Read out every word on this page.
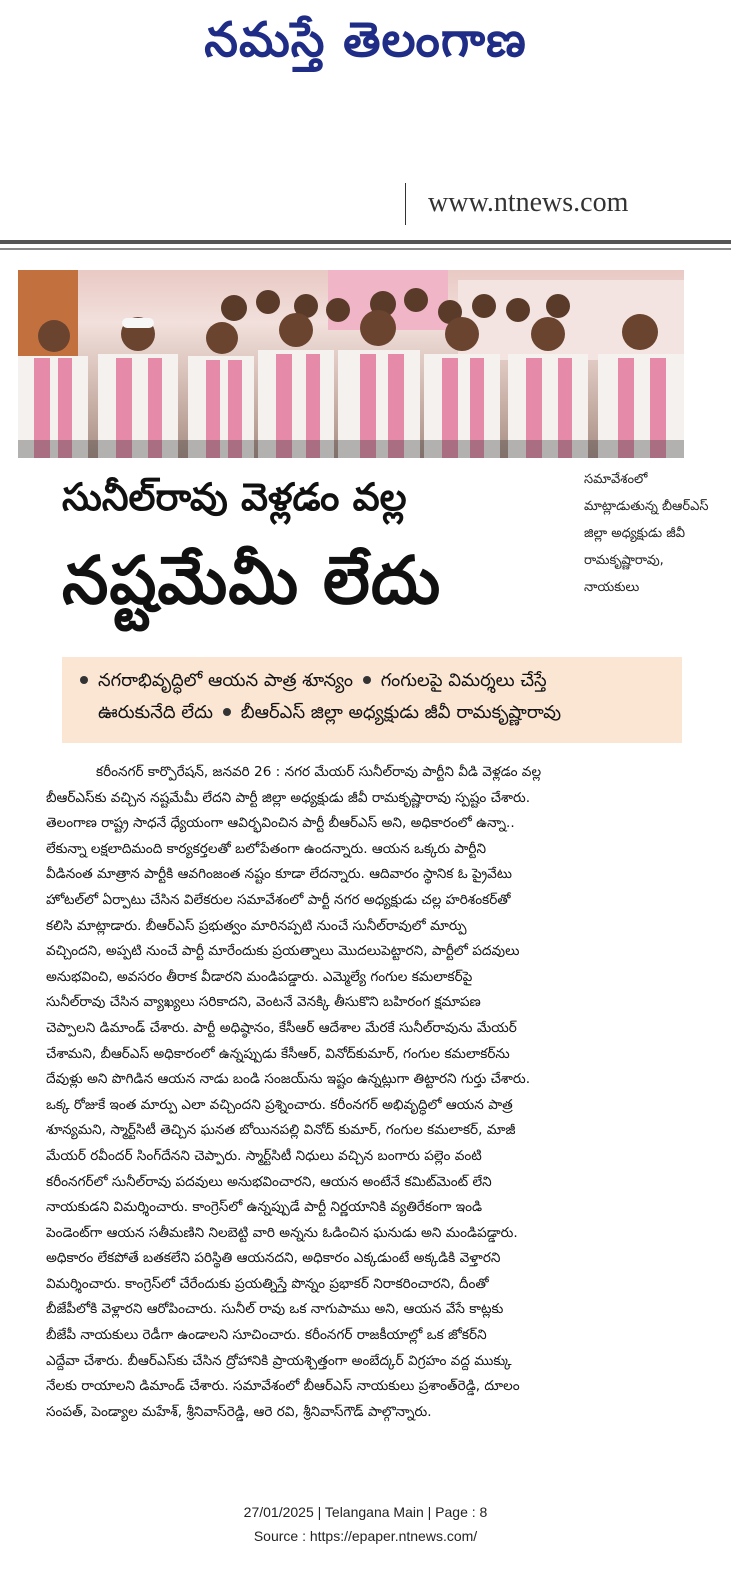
నమస్తే తెలంగాణ
www.ntnews.com
సునీల్‌రావు వెళ్లడం వల్ల
నష్టమేమీ లేదు
సమావేశంలో
మాట్లాడుతున్న బీఆర్‌ఎస్
జిల్లా అధ్యక్షుడు జీవీ
రామకృష్ణారావు,
నాయకులు
నగరాభివృద్ధిలో ఆయన పాత్ర శూన్యం గంగులపై విమర్శలు చేస్తే
ఊరుకునేది లేదు బీఆర్‌ఎస్ జిల్లా అధ్యక్షుడు జీవీ రామకృష్ణారావు
కరీంనగర్ కార్పొరేషన్, జనవరి 26 : నగర మేయర్ సునీల్‌రావు పార్టీని వీడి వెళ్లడం వల్ల
బీఆర్‌ఎస్‌కు వచ్చిన నష్టమేమీ లేదని పార్టీ జిల్లా అధ్యక్షుడు జీవీ రామకృష్ణారావు స్పష్టం చేశారు.
తెలంగాణ రాష్ట్ర సాధనే ధ్యేయంగా ఆవిర్భవించిన పార్టీ బీఆర్‌ఎస్ అని, అధికారంలో ఉన్నా..
లేకున్నా లక్షలాదిమంది కార్యకర్తలతో బలోపేతంగా ఉందన్నారు. ఆయన ఒక్కరు పార్టీని
వీడినంత మాత్రాన పార్టీకి ఆవగింజంత నష్టం కూడా లేదన్నారు. ఆదివారం స్థానిక ఓ ప్రైవేటు
హోటల్‌లో ఏర్పాటు చేసిన విలేకరుల సమావేశంలో పార్టీ నగర అధ్యక్షుడు చల్ల హరిశంకర్‌తో
కలిసి మాట్లాడారు. బీఆర్‌ఎస్ ప్రభుత్వం మారినప్పటి నుంచే సునీల్‌రావులో మార్పు
వచ్చిందని, అప్పటి నుంచే పార్టీ మారేందుకు ప్రయత్నాలు మొదలుపెట్టారని, పార్టీలో పదవులు
అనుభవించి, అవసరం తీరాక వీడారని మండిపడ్డారు. ఎమ్మెల్యే గంగుల కమలాకర్‌పై
సునీల్‌రావు చేసిన వ్యాఖ్యలు సరికాదని, వెంటనే వెనక్కి తీసుకొని బహిరంగ క్షమాపణ
చెప్పాలని డిమాండ్ చేశారు. పార్టీ అధిష్ఠానం, కేసీఆర్ ఆదేశాల మేరకే సునీల్‌రావును మేయర్
చేశామని, బీఆర్‌ఎస్ అధికారంలో ఉన్నప్పుడు కేసీఆర్, వినోద్‌కుమార్, గంగుల కమలాకర్‌ను
దేవుళ్లు అని పొగిడిన ఆయన నాడు బండి సంజయ్‌ను ఇష్టం ఉన్నట్లుగా తిట్టారని గుర్తు చేశారు.
ఒక్క రోజుకే ఇంత మార్పు ఎలా వచ్చిందని ప్రశ్నించారు. కరీంనగర్ అభివృద్ధిలో ఆయన పాత్ర
శూన్యమని, స్మార్ట్‌సిటీ తెచ్చిన ఘనత బోయినపల్లి వినోద్ కుమార్, గంగుల కమలాకర్, మాజీ
మేయర్ రవీందర్ సింగ్‌దేనని చెప్పారు. స్మార్ట్‌సిటీ నిధులు వచ్చిన బంగారు పల్లెం వంటి
కరీంనగర్‌లో సునీల్‌రావు పదవులు అనుభవించారని, ఆయన అంటేనే కమిట్‌మెంట్ లేని
నాయకుడని విమర్శించారు. కాంగ్రెస్‌లో ఉన్నప్పుడే పార్టీ నిర్ణయానికి వ్యతిరేకంగా ఇండి
పెండెంట్‌గా ఆయన సతీమణిని నిలబెట్టి వారి అన్నను ఓడించిన ఘనుడు అని మండిపడ్డారు.
అధికారం లేకపోతే బతకలేని పరిస్థితి ఆయనదని, అధికారం ఎక్కడుంటే అక్కడికి వెళ్తారని
విమర్శించారు. కాంగ్రెస్‌లో చేరేందుకు ప్రయత్నిస్తే పొన్నం ప్రభాకర్ నిరాకరించారని, దీంతో
బీజేపీలోకి వెళ్లారని ఆరోపించారు. సునీల్ రావు ఒక నాగుపాము అని, ఆయన వేసే కాట్లకు
బీజేపీ నాయకులు రెడీగా ఉండాలని సూచించారు. కరీంనగర్ రాజకీయాల్లో ఒక జోకర్‌ని
ఎద్దేవా చేశారు. బీఆర్‌ఎస్‌కు చేసిన ద్రోహానికి ప్రాయశ్చిత్తంగా అంబేద్కర్ విగ్రహం వద్ద ముక్కు
నేలకు రాయాలని డిమాండ్ చేశారు. సమావేశంలో బీఆర్‌ఎస్ నాయకులు ప్రశాంత్‌రెడ్డి, దూలం
సంపత్, పెండ్యాల మహేశ్, శ్రీనివాస్‌రెడ్డి, ఆరె రవి, శ్రీనివాస్‌గౌడ్ పాల్గొన్నారు.
27/01/2025 | Telangana Main | Page : 8
Source : https://epaper.ntnews.com/
